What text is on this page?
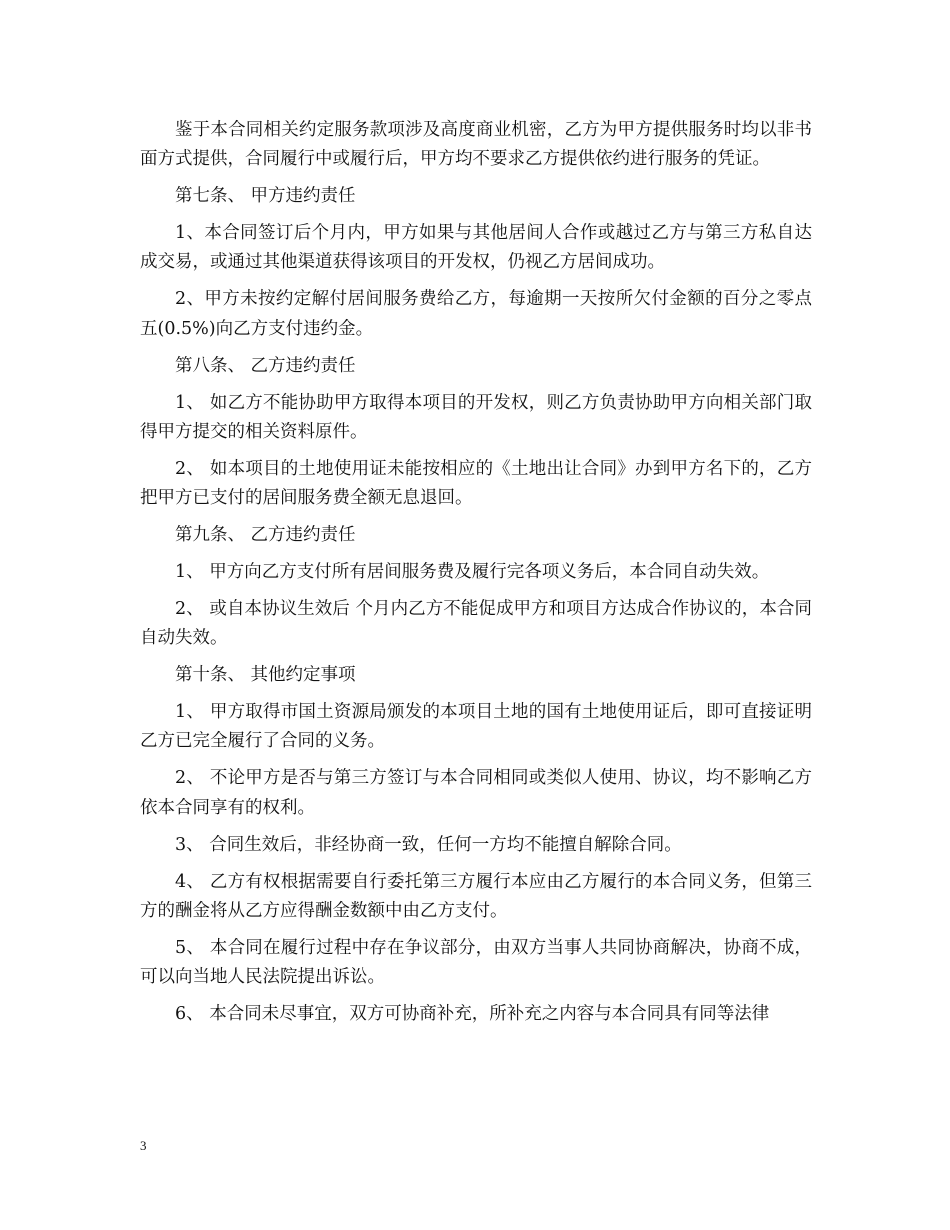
鉴于本合同相关约定服务款项涉及高度商业机密，乙方为甲方提供服务时均以非书面方式提供，合同履行中或履行后，甲方均不要求乙方提供依约进行服务的凭证。

第七条、 甲方违约责任

1、本合同签订后个月内，甲方如果与其他居间人合作或越过乙方与第三方私自达成交易，或通过其他渠道获得该项目的开发权，仍视乙方居间成功。

2、甲方未按约定解付居间服务费给乙方，每逾期一天按所欠付金额的百分之零点五(0.5%)向乙方支付违约金。

第八条、 乙方违约责任

1、 如乙方不能协助甲方取得本项目的开发权，则乙方负责协助甲方向相关部门取得甲方提交的相关资料原件。

2、 如本项目的土地使用证未能按相应的《土地出让合同》办到甲方名下的，乙方把甲方已支付的居间服务费全额无息退回。

第九条、 乙方违约责任

1、 甲方向乙方支付所有居间服务费及履行完各项义务后，本合同自动失效。

2、 或自本协议生效后 个月内乙方不能促成甲方和项目方达成合作协议的，本合同自动失效。

第十条、 其他约定事项

1、 甲方取得市国土资源局颁发的本项目土地的国有土地使用证后，即可直接证明乙方已完全履行了合同的义务。

2、 不论甲方是否与第三方签订与本合同相同或类似人使用、协议，均不影响乙方依本合同享有的权利。

3、 合同生效后，非经协商一致，任何一方均不能擅自解除合同。

4、 乙方有权根据需要自行委托第三方履行本应由乙方履行的本合同义务，但第三方的酬金将从乙方应得酬金数额中由乙方支付。

5、 本合同在履行过程中存在争议部分，由双方当事人共同协商解决，协商不成，可以向当地人民法院提出诉讼。

6、 本合同未尽事宜，双方可协商补充，所补充之内容与本合同具有同等法律

3
